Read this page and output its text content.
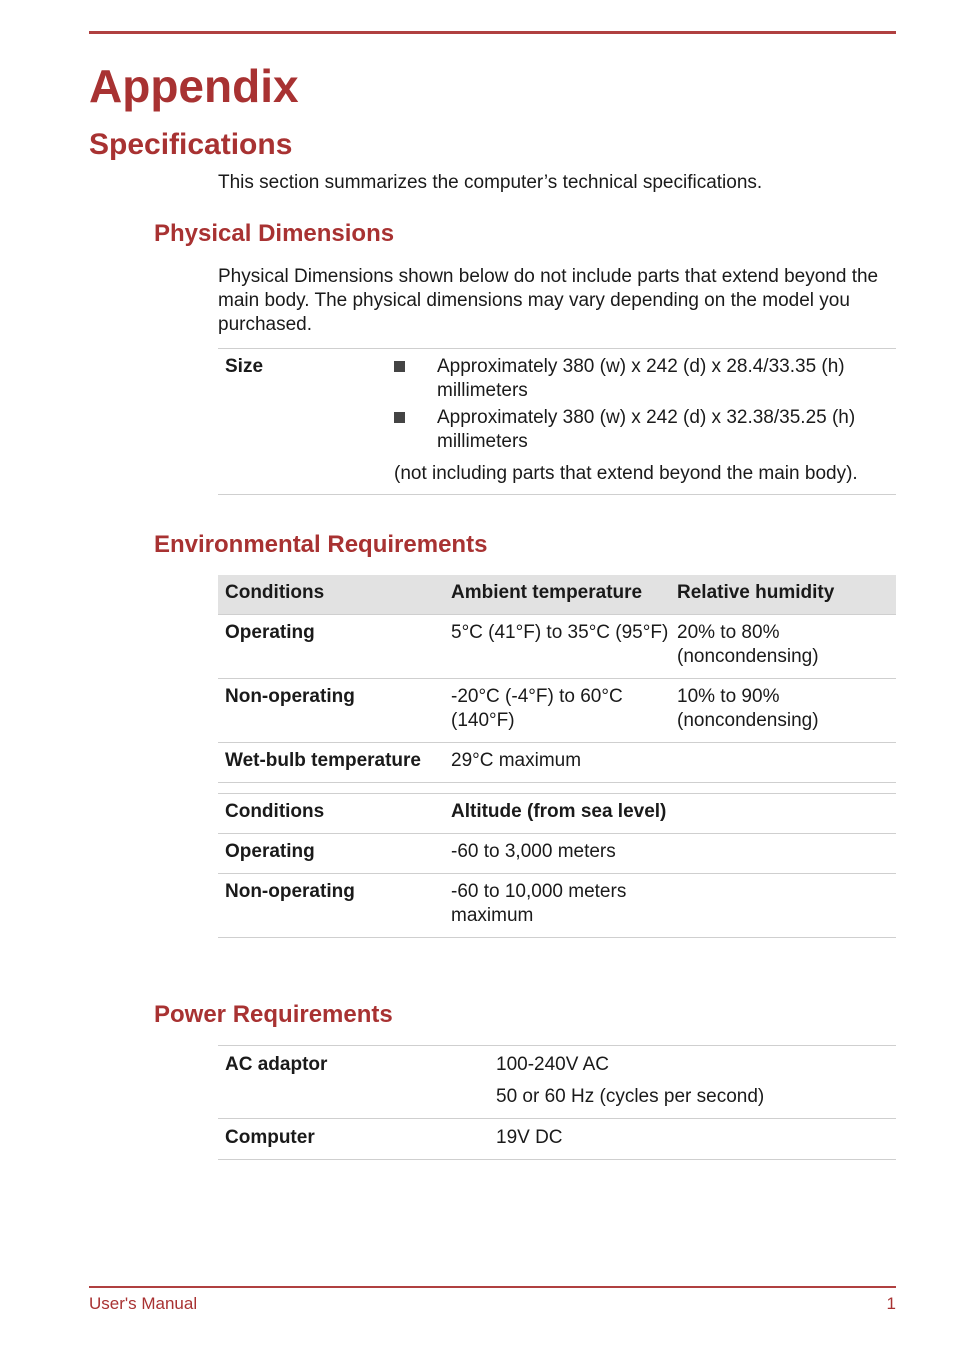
Appendix
Specifications

This section summarizes the computer’s technical specifications.

Physical Dimensions

Physical Dimensions shown below do not include parts that extend beyond the main body. The physical dimensions may vary depending on the model you purchased.

Size	Approximately 380 (w) x 242 (d) x 28.4/33.35 (h) millimeters
Approximately 380 (w) x 242 (d) x 32.38/35.25 (h) millimeters
(not including parts that extend beyond the main body).
Environmental Requirements
Conditions	Ambient temperature	Relative humidity
Operating	5°C (41°F) to 35°C (95°F)	20% to 80% (noncondensing)
Non-operating	-20°C (-4°F) to 60°C (140°F)	10% to 90% (noncondensing)
Wet-bulb temperature	29°C maximum	

Conditions	Altitude (from sea level)	
Operating	-60 to 3,000 meters	
Non-operating	-60 to 10,000 meters maximum	
Power Requirements
AC adaptor	100-240V AC

50 or 60 Hz (cycles per second)

Computer	19V DC

User's Manual	1
